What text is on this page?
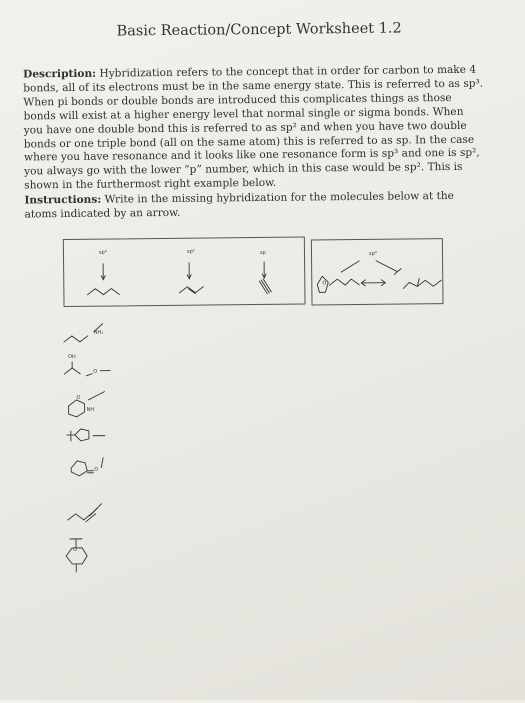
Basic Reaction/Concept Worksheet 1.2
Description: Hybridization refers to the concept that in order for carbon to make 4 bonds, all of its electrons must be in the same energy state. This is referred to as sp³. When pi bonds or double bonds are introduced this complicates things as those bonds will exist at a higher energy level that normal single or sigma bonds. When you have one double bond this is referred to as sp² and when you have two double bonds or one triple bond (all on the same atom) this is referred to as sp. In the case where you have resonance and it looks like one resonance form is sp³ and one is sp², you always go with the lower “p” number, which in this case would be sp². This is shown in the furthermost right example below.
Instructions: Write in the missing hybridization for the molecules below at the atoms indicated by an arrow.
sp³	sp²	sp	sp³
O
NH₂
OH
O
O
NH
O
O
